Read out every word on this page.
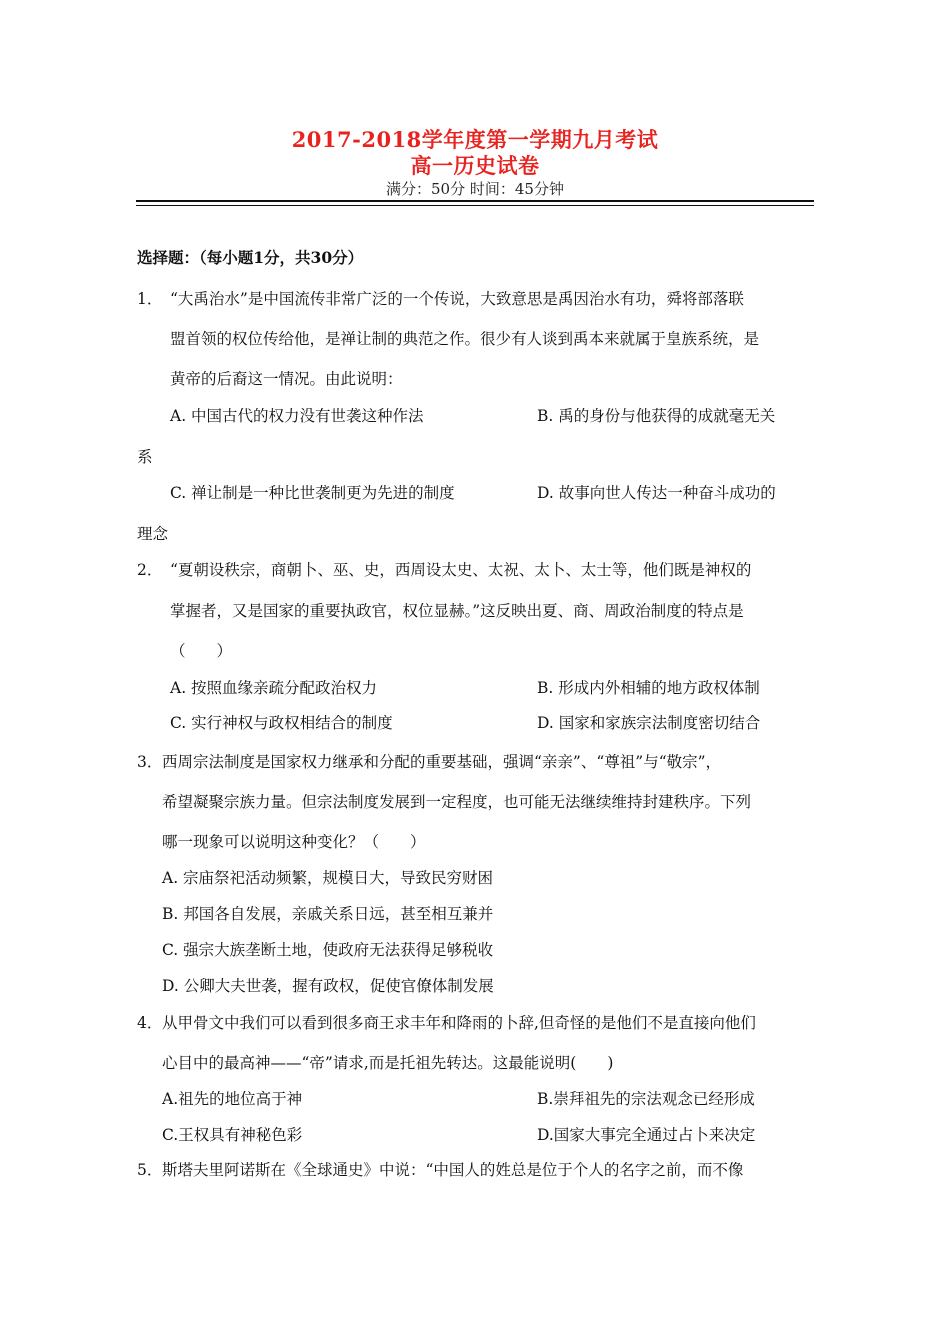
2017-2018学年度第一学期九月考试
高一历史试卷
满分：50分 时间：45分钟
选择题：（每小题1分，共30分）
1． “大禹治水”是中国流传非常广泛的一个传说，大致意思是禹因治水有功，舜将部落联
盟首领的权位传给他，是禅让制的典范之作。很少有人谈到禹本来就属于皇族系统，是
黄帝的后裔这一情况。由此说明：
A. 中国古代的权力没有世袭这种作法	B. 禹的身份与他获得的成就毫无关
系
C. 禅让制是一种比世袭制更为先进的制度	D. 故事向世人传达一种奋斗成功的
理念
2． “夏朝设秩宗，商朝卜、巫、史，西周设太史、太祝、太卜、太士等，他们既是神权的
掌握者，又是国家的重要执政官，权位显赫。”这反映出夏、商、周政治制度的特点是
（　　）
A. 按照血缘亲疏分配政治权力	B. 形成内外相辅的地方政权体制
C. 实行神权与政权相结合的制度	D. 国家和家族宗法制度密切结合
3． 西周宗法制度是国家权力继承和分配的重要基础，强调“亲亲”、“尊祖”与“敬宗”，
希望凝聚宗族力量。但宗法制度发展到一定程度，也可能无法继续维持封建秩序。下列
哪一现象可以说明这种变化？（　　）
A. 宗庙祭祀活动频繁，规模日大，导致民穷财困
B. 邦国各自发展，亲戚关系日远，甚至相互兼并
C. 强宗大族垄断土地，使政府无法获得足够税收
D. 公卿大夫世袭，握有政权，促使官僚体制发展
4． 从甲骨文中我们可以看到很多商王求丰年和降雨的卜辞,但奇怪的是他们不是直接向他们
心目中的最高神——“帝”请求,而是托祖先转达。这最能说明(　　)
A.祖先的地位高于神	B.崇拜祖先的宗法观念已经形成
C.王权具有神秘色彩	D.国家大事完全通过占卜来决定
5． 斯塔夫里阿诺斯在《全球通史》中说：“中国人的姓总是位于个人的名字之前，而不像
